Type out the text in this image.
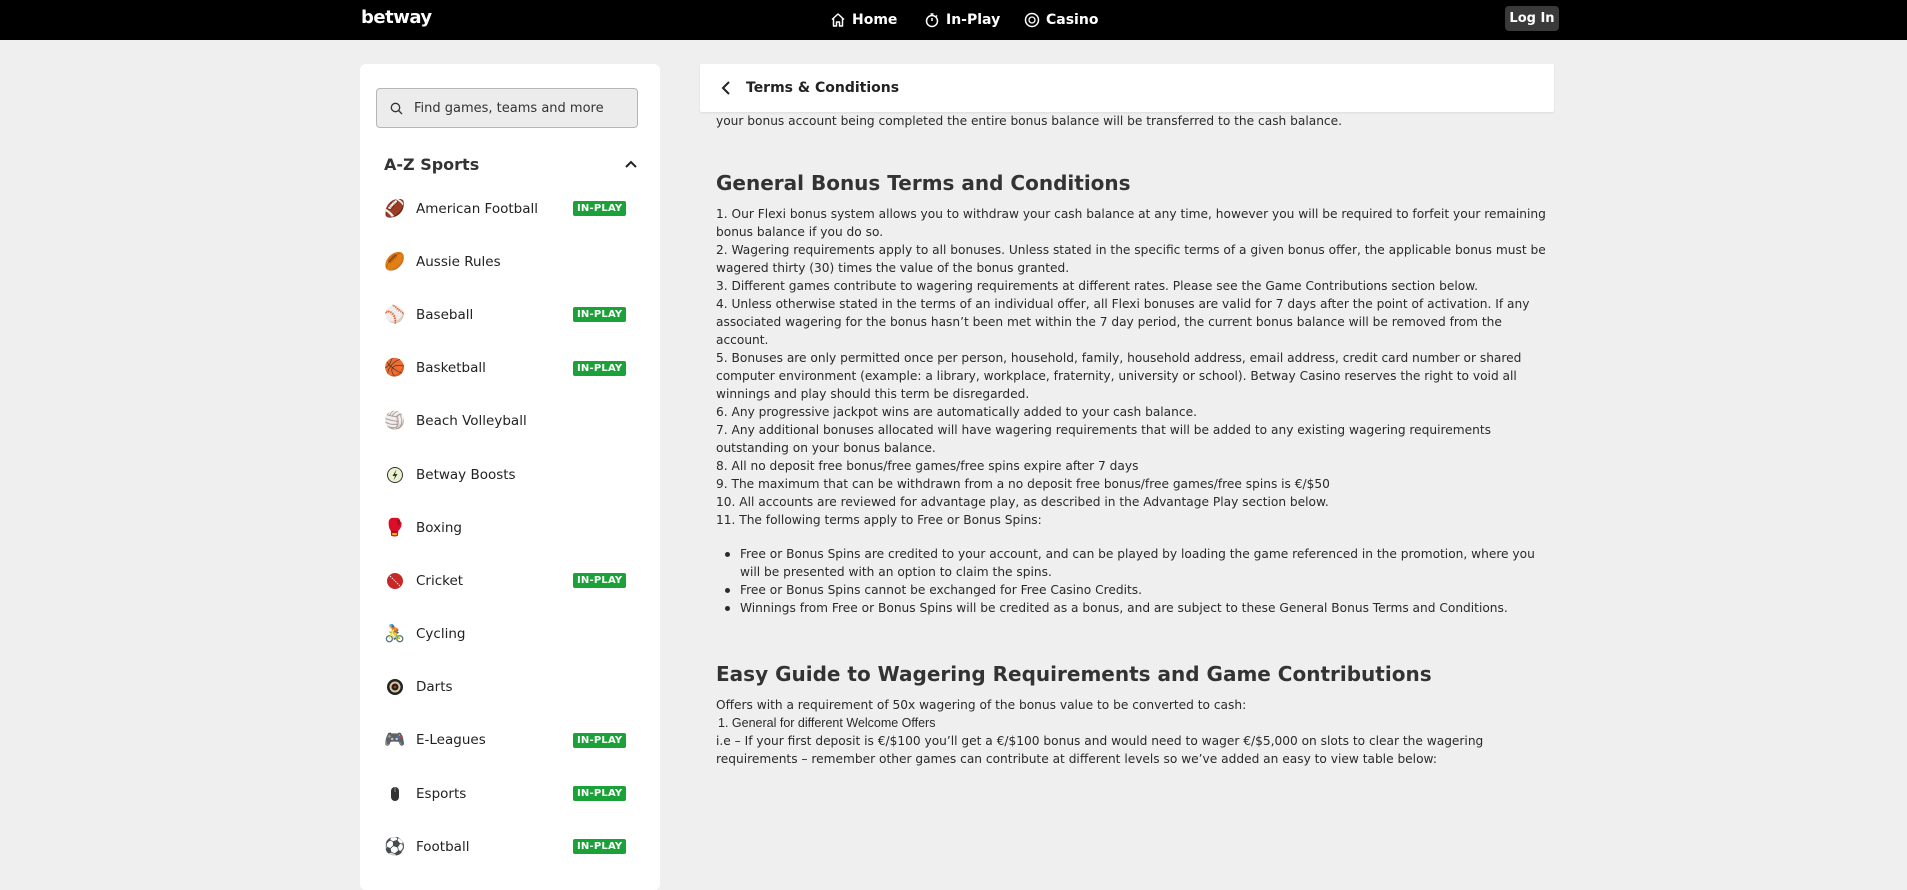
betway	Home	In-Play	Casino	Log In
Find games, teams and more
A-Z Sports
🏈 American Football	IN-PLAY
🏉 Aussie Rules
⚾ Baseball	IN-PLAY
🏀 Basketball	IN-PLAY
🏐 Beach Volleyball
Betway Boosts
🥊 Boxing
Cricket	IN-PLAY
🚴 Cycling
Darts
🎮 E-Leagues	IN-PLAY
Esports	IN-PLAY
⚽ Football	IN-PLAY
Terms & Conditions

your bonus account being completed the entire bonus balance will be transferred to the cash balance.

General Bonus Terms and Conditions

1. Our Flexi bonus system allows you to withdraw your cash balance at any time, however you will be required to forfeit your remaining bonus balance if you do so.

2. Wagering requirements apply to all bonuses. Unless stated in the specific terms of a given bonus offer, the applicable bonus must be wagered thirty (30) times the value of the bonus granted.

3. Different games contribute to wagering requirements at different rates. Please see the Game Contributions section below.

4. Unless otherwise stated in the terms of an individual offer, all Flexi bonuses are valid for 7 days after the point of activation. If any associated wagering for the bonus hasn’t been met within the 7 day period, the current bonus balance will be removed from the account.

5. Bonuses are only permitted once per person, household, family, household address, email address, credit card number or shared computer environment (example: a library, workplace, fraternity, university or school). Betway Casino reserves the right to void all winnings and play should this term be disregarded.

6. Any progressive jackpot wins are automatically added to your cash balance.

7. Any additional bonuses allocated will have wagering requirements that will be added to any existing wagering requirements outstanding on your bonus balance.

8. All no deposit free bonus/free games/free spins expire after 7 days

9. The maximum that can be withdrawn from a no deposit free bonus/free games/free spins is €/$50

10. All accounts are reviewed for advantage play, as described in the Advantage Play section below.

11. The following terms apply to Free or Bonus Spins:

Free or Bonus Spins are credited to your account, and can be played by loading the game referenced in the promotion, where you will be presented with an option to claim the spins.

Free or Bonus Spins cannot be exchanged for Free Casino Credits.

Winnings from Free or Bonus Spins will be credited as a bonus, and are subject to these General Bonus Terms and Conditions.

Easy Guide to Wagering Requirements and Game Contributions

Offers with a requirement of 50x wagering of the bonus value to be converted to cash:

1. General for different Welcome Offers

i.e – If your first deposit is €/$100 you’ll get a €/$100 bonus and would need to wager €/$5,000 on slots to clear the wagering requirements – remember other games can contribute at different levels so we’ve added an easy to view table below:
